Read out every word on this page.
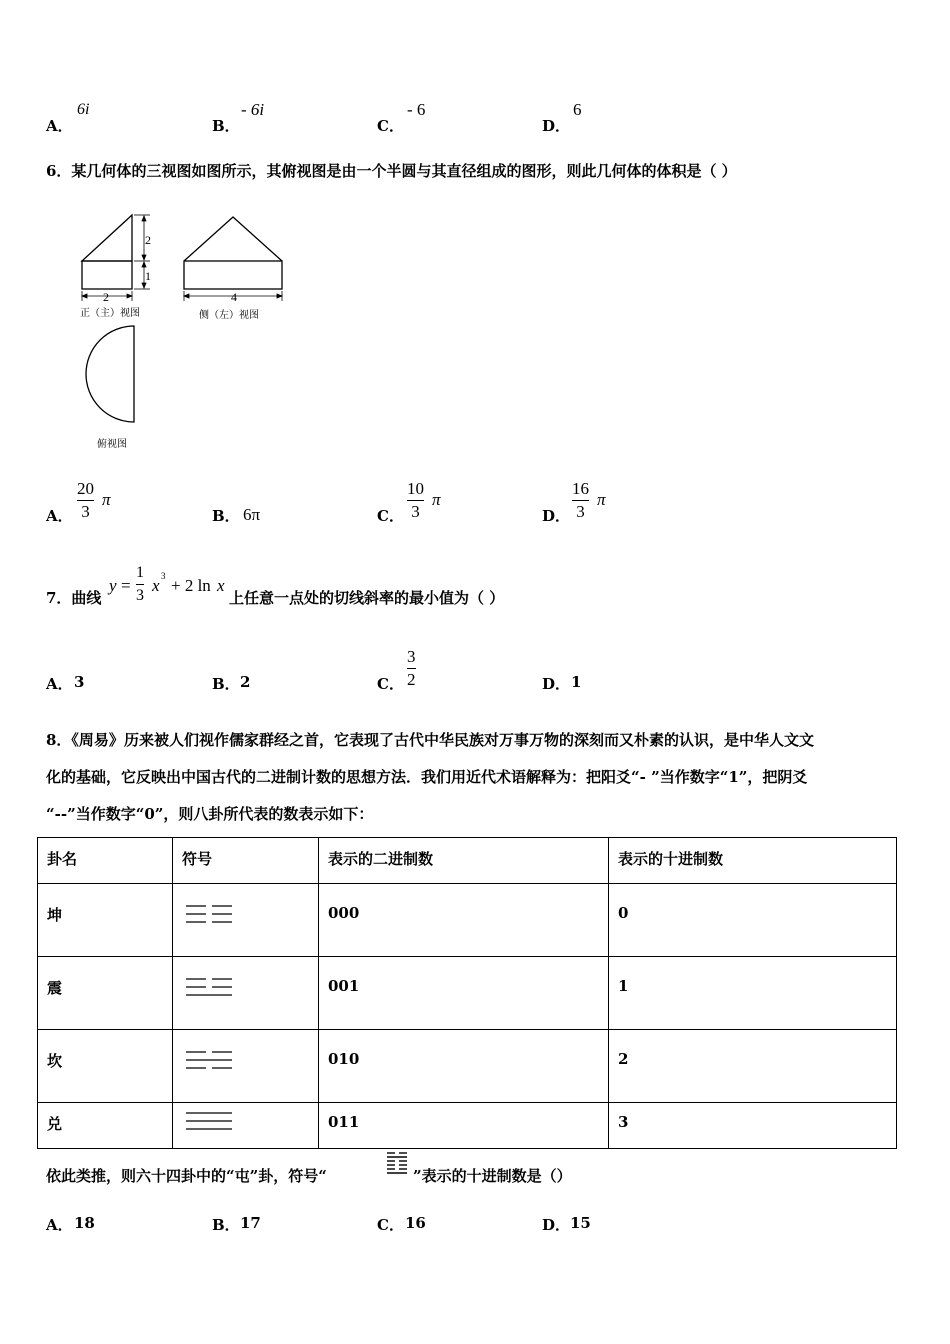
A．
6i
B．
- 6i
C．
- 6
D．
6
6．某几何体的三视图如图所示，其俯视图是由一个半圆与其直径组成的图形，则此几何体的体积是（ ）
2
1
2
正（主）视图
4
侧（左）视图
俯视图
A．
20
3
π
B． 6π	C．
10
3
π
D．
16
3
π
7．曲线
y =
1
3
x 3 + 2 ln x
上任意一点处的切线斜率的最小值为（ ）
A． 3	B． 2	C．
3
2	D． 1
8．《周易》历来被人们视作儒家群经之首，它表现了古代中华民族对万事万物的深刻而又朴素的认识，是中华人文文
化的基础，它反映出中国古代的二进制计数的思想方法．我们用近代术语解释为：把阳爻“- ”当作数字“1”，把阴爻
“--”当作数字“0”，则八卦所代表的数表示如下：
卦名	符号	表示的二进制数	表示的十进制数
坤		000	0
震		001	1
坎		010	2
兑		011	3
依此类推，则六十四卦中的“屯”卦，符号“	”表示的十进制数是（）
A． 18	B． 17	C． 16	D． 15
